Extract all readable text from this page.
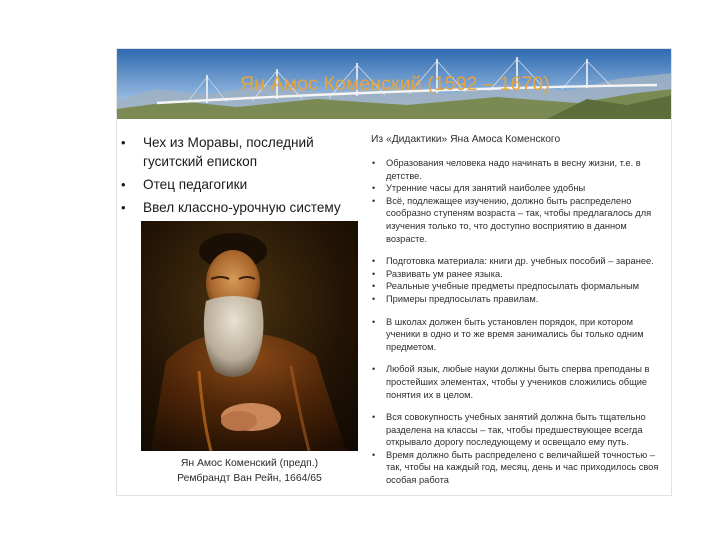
Ян Амос Коменский (1592 – 1670)
• Чех из Моравы, последний гуситский епископ
• Отец педагогики
• Ввел классно-урочную систему
Ян Амос Коменский (предп.)
Рембрандт Ван Рейн, 1664/65
Из «Дидактики» Яна Амоса Коменского
• Образования человека надо начинать в весну жизни, т.е. в детстве.
• Утренние часы для занятий наиболее удобны
• Всё, подлежащее изучению, должно быть распределено сообразно ступеням возраста – так, чтобы предлагалось для изучения только то, что доступно восприятию в данном возрасте.
• Подготовка материала: книги др. учебных пособий – заранее.
• Развивать ум ранее языка.
• Реальные учебные предметы предпосылать формальным
• Примеры предпосылать правилам.
• В школах должен быть установлен порядок, при котором ученики в одно и то же время занимались бы только одним предметом.
• Любой язык, любые науки должны быть сперва преподаны в простейших элементах, чтобы у учеников сложились общие понятия их в целом.
• Вся совокупность учебных занятий должна быть тщательно разделена на классы – так, чтобы предшествующее всегда открывало дорогу последующему и освещало ему путь.
• Время должно быть распределено с величайшей точностью – так, чтобы на каждый год, месяц, день и час приходилось своя особая работа
